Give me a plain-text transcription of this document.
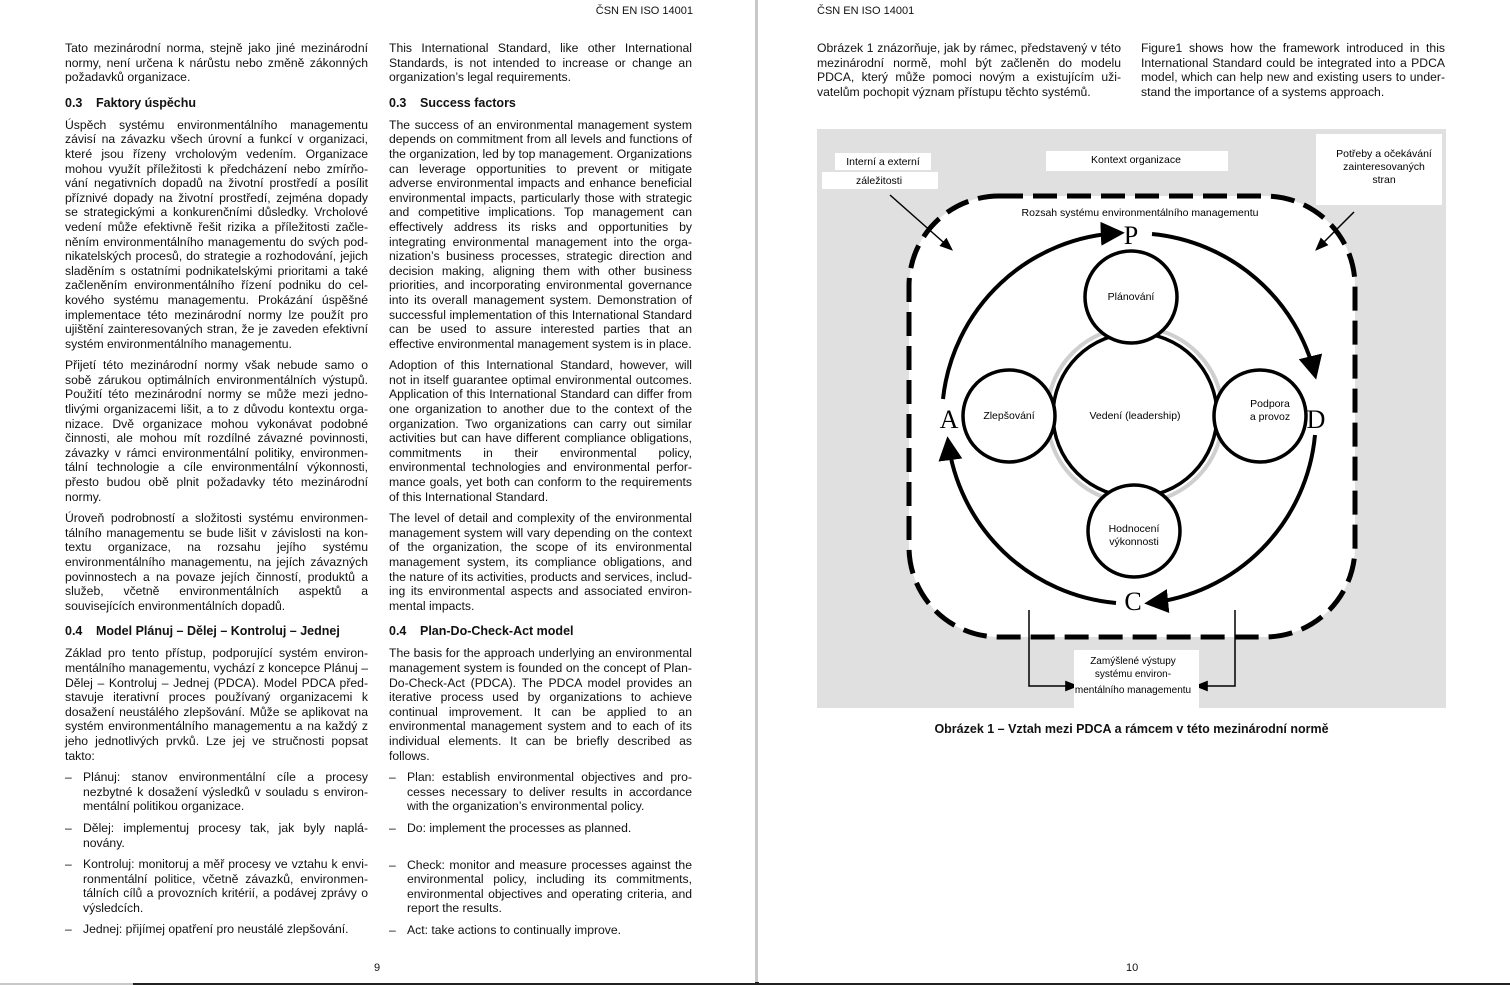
ČSN EN ISO 14001

Tato mezinárodní norma, stejně jako jiné mezinárodní normy, není určena k nárůstu nebo změně zákonných požadavků organizace.

0.3 Faktory úspěchu

Úspěch systému environmentálního managementu závisí na závazku všech úrovní a funkcí v organizaci, které jsou řízeny vrcholovým vedením. Organizace mohou využít příležitosti k předcházení nebo zmírňování negativních dopadů na životní prostředí a posílit příznivé dopady na životní prostředí, zejména dopady se strategickými a konkurenčními důsledky. Vrcholové vedení může efektivně řešit rizika a příležitosti začleněním environmentálního managementu do svých podnikatelských procesů, do strategie a rozhodování, jejich sladěním s ostatními podnikatelskými prioritami a také začleněním environmentálního řízení podniku do celkového systému managementu. Prokázání úspěšné implementace této mezinárodní normy lze použít pro ujištění zainteresovaných stran, že je zaveden efektivní systém environmentálního managementu.

Přijetí této mezinárodní normy však nebude samo o sobě zárukou optimálních environmentálních výstupů. Použití této mezinárodní normy se může mezi jednotlivými organizacemi lišit, a to z důvodu kontextu organizace. Dvě organizace mohou vykonávat podobné činnosti, ale mohou mít rozdílné závazné povinnosti, závazky v rámci environmentální politiky, environmentální technologie a cíle environmentální výkonnosti, přesto budou obě plnit požadavky této mezinárodní normy.

Úroveň podrobností a složitosti systému environmentálního managementu se bude lišit v závislosti na kontextu organizace, na rozsahu jejího systému environmentálního managementu, na jejích závazných povinnostech a na povaze jejích činností, produktů a služeb, včetně environmentálních aspektů a souvisejících environmentálních dopadů.

0.4 Model Plánuj – Dělej – Kontroluj – Jednej

Základ pro tento přístup, podporující systém environmentálního managementu, vychází z koncepce Plánuj – Dělej – Kontroluj – Jednej (PDCA). Model PDCA představuje iterativní proces používaný organizacemi k dosažení neustálého zlepšování. Může se aplikovat na systém environmentálního managementu a na každý z jeho jednotlivých prvků. Lze jej ve stručnosti popsat takto:

– Plánuj: stanov environmentální cíle a procesy nezbytné k dosažení výsledků v souladu s environmentální politikou organizace.
– Dělej: implementuj procesy tak, jak byly naplánovány.
– Kontroluj: monitoruj a měř procesy ve vztahu k environmentální politice, včetně závazků, environmentálních cílů a provozních kritérií, a podávej zprávy o výsledcích.
– Jednej: přijímej opatření pro neustálé zlepšování.

This International Standard, like other International Standards, is not intended to increase or change an organization’s legal requirements.

0.3 Success factors

The success of an environmental management system depends on commitment from all levels and functions of the organization, led by top management. Organizations can leverage opportunities to prevent or mitigate adverse environmental impacts and enhance beneficial environmental impacts, particularly those with strategic and competitive implications. Top management can effectively address its risks and opportunities by integrating environmental management into the organization’s business processes, strategic direction and decision making, aligning them with other business priorities, and incorporating environmental governance into its overall management system. Demonstration of successful implementation of this International Standard can be used to assure interested parties that an effective environmental management system is in place.

Adoption of this International Standard, however, will not in itself guarantee optimal environmental outcomes. Application of this International Standard can differ from one organization to another due to the context of the organization. Two organizations can carry out similar activities but can have different compliance obligations, commitments in their environmental policy, environmental technologies and environmental performance goals, yet both can conform to the requirements of this International Standard.

The level of detail and complexity of the environmental management system will vary depending on the context of the organization, the scope of its environmental management system, its compliance obligations, and the nature of its activities, products and services, including its environmental aspects and associated environmental impacts.

0.4 Plan-Do-Check-Act model

The basis for the approach underlying an environmental management system is founded on the concept of Plan-Do-Check-Act (PDCA). The PDCA model provides an iterative process used by organizations to achieve continual improvement. It can be applied to an environmental management system and to each of its individual elements. It can be briefly described as follows.

– Plan: establish environmental objectives and processes necessary to deliver results in accordance with the organization’s environmental policy.
– Do: implement the processes as planned.
– Check: monitor and measure processes against the environmental policy, including its commitments, environmental objectives and operating criteria, and report the results.
– Act: take actions to continually improve.
9
ČSN EN ISO 14001

Obrázek 1 znázorňuje, jak by rámec, představený v této mezinárodní normě, mohl být začleněn do modelu PDCA, který může pomoci novým a existujícím uživatelům pochopit význam přístupu těchto systémů.

Figure1 shows how the framework introduced in this International Standard could be integrated into a PDCA model, which can help new and existing users to understand the importance of a systems approach.

Interní a externí
záležitosti
Kontext organizace	Potřeby a očekávání
zainteresovaných
stran
Rozsah systému environmentálního managementu
P
D
C
A	Vedení (leadership)
Plánování
Podpora
a provoz
Hodnocení
výkonnosti
Zlepšování
Zamýšlené výstupy
systému environ-
mentálního managementu
Obrázek 1 – Vztah mezi PDCA a rámcem v této mezinárodní normě
10
